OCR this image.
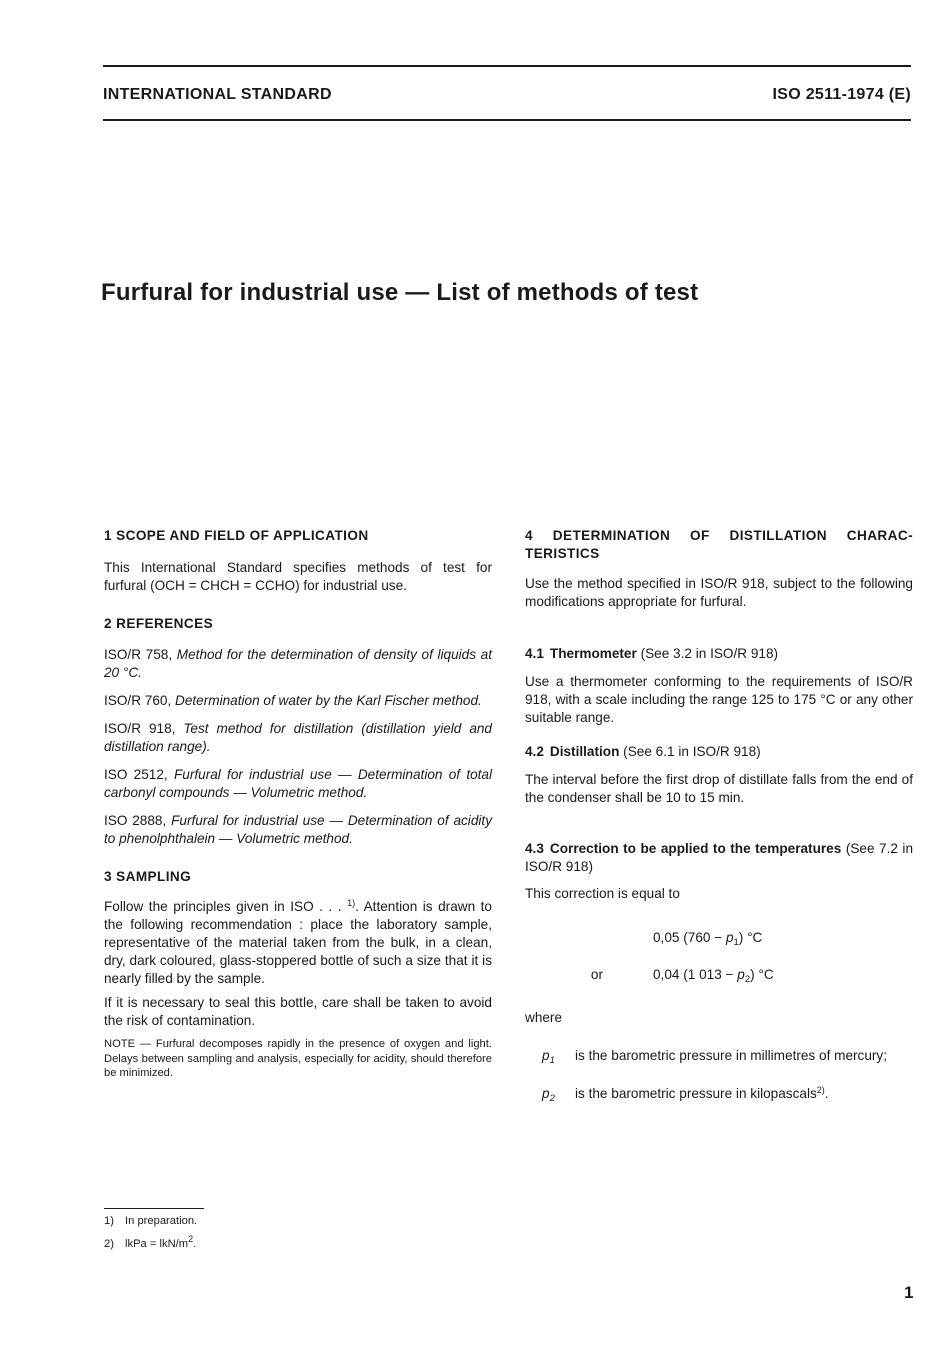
INTERNATIONAL STANDARD	ISO 2511-1974 (E)
Furfural for industrial use — List of methods of test
1 SCOPE AND FIELD OF APPLICATION
This International Standard specifies methods of test for
furfural (OCH = CHCH = CCHO) for industrial use.
2 REFERENCES
ISO/R 758, Method for the determination of density of liquids at 20 °C.
ISO/R 760, Determination of water by the Karl Fischer method.
ISO/R 918, Test method for distillation (distillation yield and distillation range).
ISO 2512, Furfural for industrial use — Determination of total carbonyl compounds — Volumetric method.
ISO 2888, Furfural for industrial use — Determination of acidity to phenolphthalein — Volumetric method.
3 SAMPLING

Follow the principles given in ISO . . . $^{1)}$. Attention is drawn to the following recommendation : place the laboratory sample, representative of the material taken from the bulk, in a clean, dry, dark coloured, glass-stoppered bottle of such a size that it is nearly filled by the sample.

If it is necessary to seal this bottle, care shall be taken to avoid the risk of contamination.

NOTE — Furfural decomposes rapidly in the presence of oxygen and light. Delays between sampling and analysis, especially for acidity, should therefore be minimized.

4 DETERMINATION OF DISTILLATION CHARAC-TERISTICS

Use the method specified in ISO/R 918, subject to the following modifications appropriate for furfural.

4.1 Thermometer (See 3.2 in ISO/R 918)

Use a thermometer conforming to the requirements of ISO/R 918, with a scale including the range 125 to 175 °C or any other suitable range.

4.2 Distillation (See 6.1 in ISO/R 918)

The interval before the first drop of distillate falls from the end of the condenser shall be 10 to 15 min.

4.3 Correction to be applied to the temperatures (See 7.2 in ISO/R 918)

This correction is equal to

0,05 $(760 - p_1)$ °C
or	0,04 (1 $013 - p_2$) °C

where

$p_1$	is the barometric pressure in millimetres of mercury;
$p_2$	is the barometric pressure in kilopascals$^{2)}$.
1) In preparation.
2) lkPa = lkN/$m^2$.
1
